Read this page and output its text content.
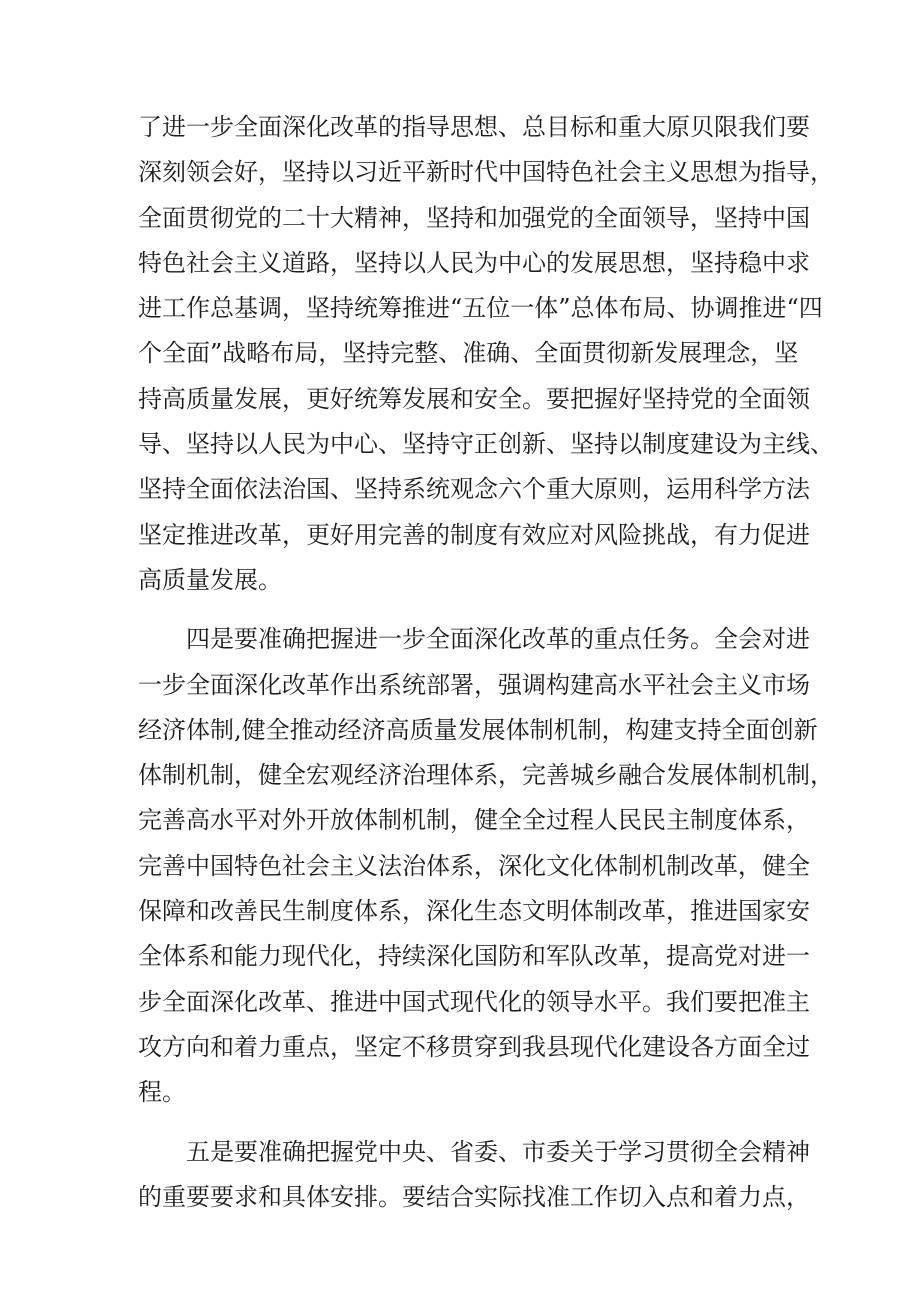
了进一步全面深化改革的指导思想、总目标和重大原贝限我们要
深刻领会好，坚持以习近平新时代中国特色社会主义思想为指导，
全面贯彻党的二十大精神，坚持和加强党的全面领导，坚持中国
特色社会主义道路，坚持以人民为中心的发展思想，坚持稳中求
进工作总基调，坚持统筹推进“五位一体”总体布局、协调推进“四
个全面”战略布局，坚持完整、准确、全面贯彻新发展理念，坚
持高质量发展，更好统筹发展和安全。要把握好坚持党的全面领
导、坚持以人民为中心、坚持守正创新、坚持以制度建设为主线、
坚持全面依法治国、坚持系统观念六个重大原则，运用科学方法
坚定推进改革，更好用完善的制度有效应对风险挑战，有力促进
高质量发展。
四是要准确把握进一步全面深化改革的重点任务。全会对进
一步全面深化改革作出系统部署，强调构建高水平社会主义市场
经济体制,健全推动经济高质量发展体制机制，构建支持全面创新
体制机制，健全宏观经济治理体系，完善城乡融合发展体制机制，
完善高水平对外开放体制机制，健全全过程人民民主制度体系，
完善中国特色社会主义法治体系，深化文化体制机制改革，健全
保障和改善民生制度体系，深化生态文明体制改革，推进国家安
全体系和能力现代化，持续深化国防和军队改革，提高党对进一
步全面深化改革、推进中国式现代化的领导水平。我们要把准主
攻方向和着力重点，坚定不移贯穿到我县现代化建设各方面全过
程。
五是要准确把握党中央、省委、市委关于学习贯彻全会精神
的重要要求和具体安排。要结合实际找准工作切入点和着力点，
